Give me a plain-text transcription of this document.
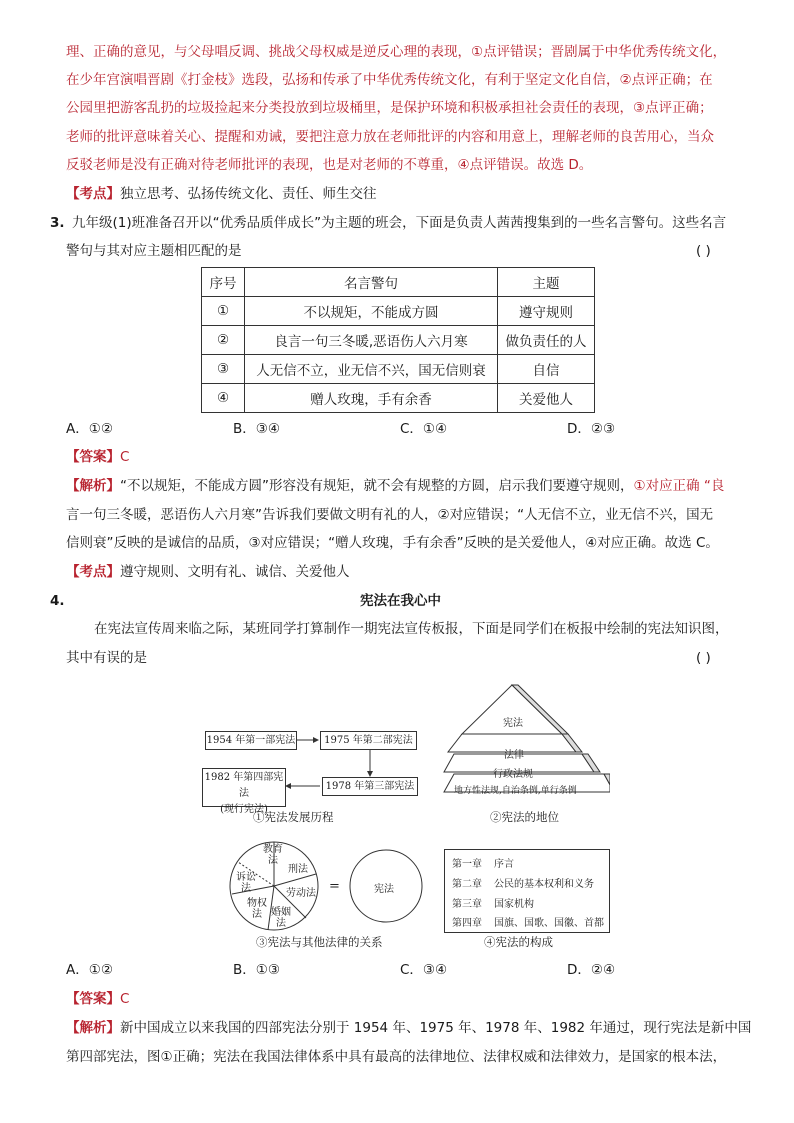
理、正确的意见，与父母唱反调、挑战父母权威是逆反心理的表现，①点评错误；晋剧属于中华优秀传统文化，
在少年宫演唱晋剧《打金枝》选段，弘扬和传承了中华优秀传统文化，有利于坚定文化自信，②点评正确；在
公园里把游客乱扔的垃圾捡起来分类投放到垃圾桶里，是保护环境和积极承担社会责任的表现，③点评正确；
老师的批评意味着关心、提醒和劝诫，要把注意力放在老师批评的内容和用意上，理解老师的良苦用心，当众
反驳老师是没有正确对待老师批评的表现，也是对老师的不尊重，④点评错误。故选 D。
【考点】独立思考、弘扬传统文化、责任、师生交往
3. 九年级(1)班准备召开以“优秀品质伴成长”为主题的班会，下面是负责人茜茜搜集到的一些名言警句。这些名言
警句与其对应主题相匹配的是	( )
序号	名言警句	主题
①	不以规矩，不能成方圆	遵守规则
②	良言一句三冬暖,恶语伤人六月寒	做负责任的人
③	人无信不立，业无信不兴，国无信则衰	自信
④	赠人玫瑰，手有余香	关爱他人
A．①②	B．③④	C．①④	D．②③
【答案】C
【解析】“不以规矩，不能成方圆”形容没有规矩，就不会有规整的方圆，启示我们要遵守规则，①对应正确 “良
言一句三冬暖，恶语伤人六月寒”告诉我们要做文明有礼的人，②对应错误；“人无信不立，业无信不兴，国无
信则衰”反映的是诚信的品质，③对应错误；“赠人玫瑰，手有余香”反映的是关爱他人，④对应正确。故选 C。
【考点】遵守规则、文明有礼、诚信、关爱他人
4.	宪法在我心中
在宪法宣传周来临之际，某班同学打算制作一期宪法宣传板报，下面是同学们在板报中绘制的宪法知识图，
其中有误的是	( )
1954 年第一部宪法	1975 年第二部宪法
1982 年第四部宪法
(现行宪法)
1978 年第三部宪法
①宪法发展历程
宪法
法律
行政法规
地方性法规,自治条例,单行条例
②宪法的地位
教育法
刑法
劳动法
婚姻法
物权法
诉讼法	=	宪法
③宪法与其他法律的关系
第一章 序言
第二章 公民的基本权利和义务
第三章 国家机构
第四章 国旗、国歌、国徽、首都
④宪法的构成
A．①②	B．①③	C．③④	D．②④
【答案】C
【解析】新中国成立以来我国的四部宪法分别于 1954 年、1975 年、1978 年、1982 年通过，现行宪法是新中国
第四部宪法，图①正确；宪法在我国法律体系中具有最高的法律地位、法律权威和法律效力，是国家的根本法，
